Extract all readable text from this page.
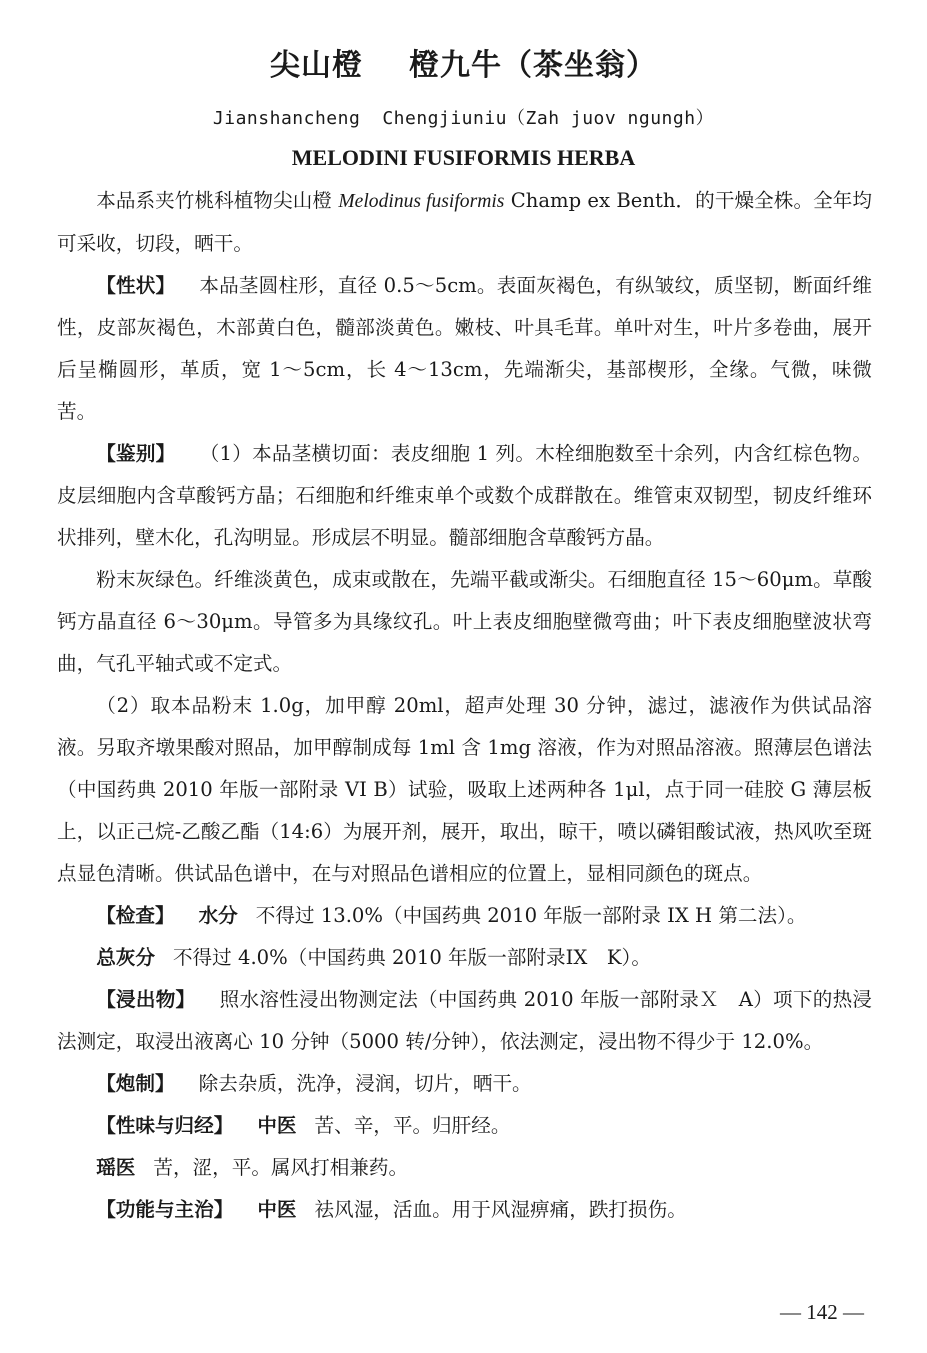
尖山橙 橙九牛（茶坐翁）
Jianshancheng Chengjiuniu（Zah juov ngungh）
MELODINI FUSIFORMIS HERBA

本品系夹竹桃科植物尖山橙 Melodinus fusiformis Champ ex Benth．的干燥全株。全年均可采收，切段，晒干。

【性状】 本品茎圆柱形，直径 0.5～5cm。表面灰褐色，有纵皱纹，质坚韧，断面纤维性，皮部灰褐色，木部黄白色，髓部淡黄色。嫩枝、叶具毛茸。单叶对生，叶片多卷曲，展开后呈椭圆形，革质，宽 1～5cm，长 4～13cm，先端渐尖，基部楔形，全缘。气微，味微苦。

【鉴别】 （1）本品茎横切面：表皮细胞 1 列。木栓细胞数至十余列，内含红棕色物。皮层细胞内含草酸钙方晶；石细胞和纤维束单个或数个成群散在。维管束双韧型，韧皮纤维环状排列，壁木化，孔沟明显。形成层不明显。髓部细胞含草酸钙方晶。

粉末灰绿色。纤维淡黄色，成束或散在，先端平截或渐尖。石细胞直径 15～60μm。草酸钙方晶直径 6～30μm。导管多为具缘纹孔。叶上表皮细胞壁微弯曲；叶下表皮细胞壁波状弯曲，气孔平轴式或不定式。

（2）取本品粉末 1.0g，加甲醇 20ml，超声处理 30 分钟，滤过，滤液作为供试品溶液。另取齐墩果酸对照品，加甲醇制成每 1ml 含 1mg 溶液，作为对照品溶液。照薄层色谱法（中国药典 2010 年版一部附录 VI B）试验，吸取上述两种各 1μl，点于同一硅胶 G 薄层板上，以正己烷-乙酸乙酯（14:6）为展开剂，展开，取出，晾干，喷以磷钼酸试液，热风吹至斑点显色清晰。供试品色谱中，在与对照品色谱相应的位置上，显相同颜色的斑点。

【检查】 水分 不得过 13.0%（中国药典 2010 年版一部附录 IX H 第二法）。

总灰分 不得过 4.0%（中国药典 2010 年版一部附录ⅠX　K）。

【浸出物】 照水溶性浸出物测定法（中国药典 2010 年版一部附录Ｘ　A）项下的热浸法测定，取浸出液离心 10 分钟（5000 转/分钟），依法测定，浸出物不得少于 12.0%。

【炮制】 除去杂质，洗净，浸润，切片，晒干。

【性味与归经】 中医 苦、辛，平。归肝经。

瑶医 苦，涩，平。属风打相兼药。

【功能与主治】 中医 祛风湿，活血。用于风湿痹痛，跌打损伤。

— 142 —
